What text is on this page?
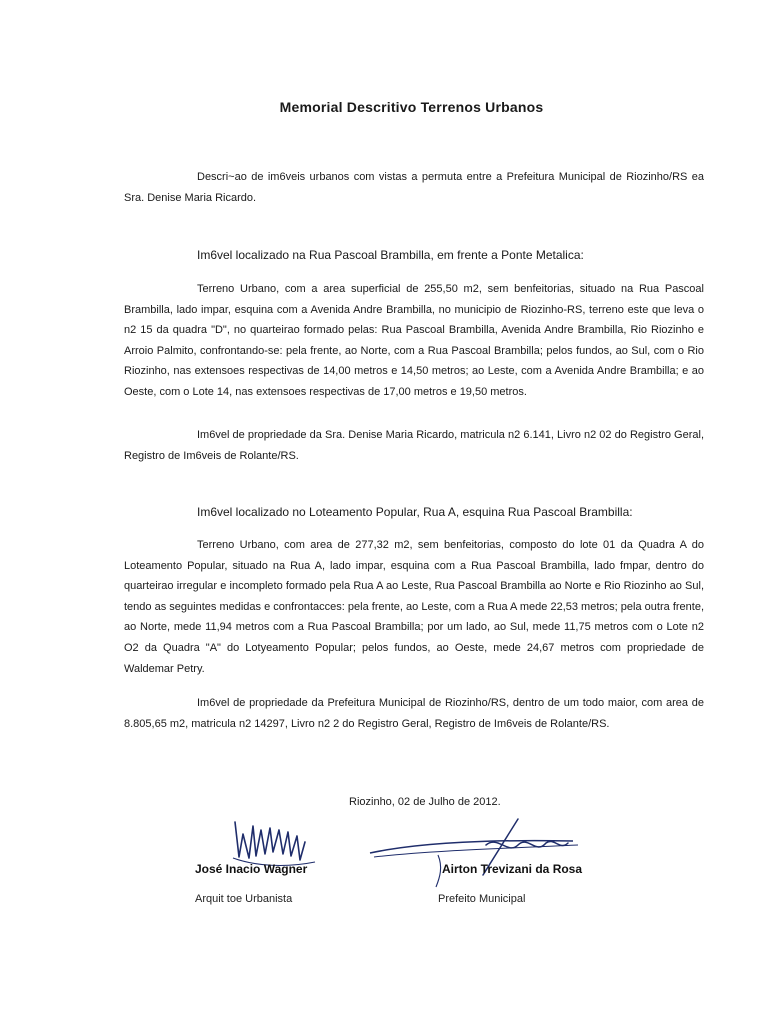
Memorial Descritivo Terrenos Urbanos
Descri~ao de im6veis urbanos com vistas a permuta entre a Prefeitura Municipal de Riozinho/RS ea Sra. Denise Maria Ricardo.
Im6vel localizado na Rua Pascoal Brambilla, em frente a Ponte Metalica:
Terreno Urbano, com a area superficial de 255,50 m2, sem benfeitorias, situado na Rua Pascoal Brambilla, lado impar, esquina com a Avenida Andre Brambilla, no municipio de Riozinho-RS, terreno este que leva o n2 15 da quadra "D", no quarteirao formado pelas: Rua Pascoal Brambilla, Avenida Andre Brambilla, Rio Riozinho e Arroio Palmito, confrontando-se: pela frente, ao Norte, com a Rua Pascoal Brambilla; pelos fundos, ao Sul, com o Rio Riozinho, nas extensoes respectivas de 14,00 metros e 14,50 metros; ao Leste, com a Avenida Andre Brambilla; e ao Oeste, com o Lote 14, nas extensoes respectivas de 17,00 metros e 19,50 metros.
Im6vel de propriedade da Sra. Denise Maria Ricardo, matricula n2 6.141, Livro n2 02 do Registro Geral, Registro de Im6veis de Rolante/RS.
Im6vel localizado no Loteamento Popular, Rua A, esquina Rua Pascoal Brambilla:
Terreno Urbano, com area de 277,32 m2, sem benfeitorias, composto do lote 01 da Quadra A do Loteamento Popular, situado na Rua A, lado impar, esquina com a Rua Pascoal Brambilla, lado fmpar, dentro do quarteirao irregular e incompleto formado pela Rua A ao Leste, Rua Pascoal Brambilla ao Norte e Rio Riozinho ao Sul, tendo as seguintes medidas e confrontacces: pela frente, ao Leste, com a Rua A mede 22,53 metros; pela outra frente, ao Norte, mede 11,94 metros com a Rua Pascoal Brambilla; por um lado, ao Sul, mede 11,75 metros com o Lote n2 O2 da Quadra "A" do Lotyeamento Popular; pelos fundos, ao Oeste, mede 24,67 metros com propriedade de Waldemar Petry.
Im6vel de propriedade da Prefeitura Municipal de Riozinho/RS, dentro de um todo maior, com area de 8.805,65 m2, matricula n2 14297, Livro n2 2 do Registro Geral, Registro de Im6veis de Rolante/RS.
Riozinho, 02 de Julho de 2012.
José Inacio Wagner
Arquit toe Urbanista
Airton Trevizani da Rosa
Prefeito Municipal
